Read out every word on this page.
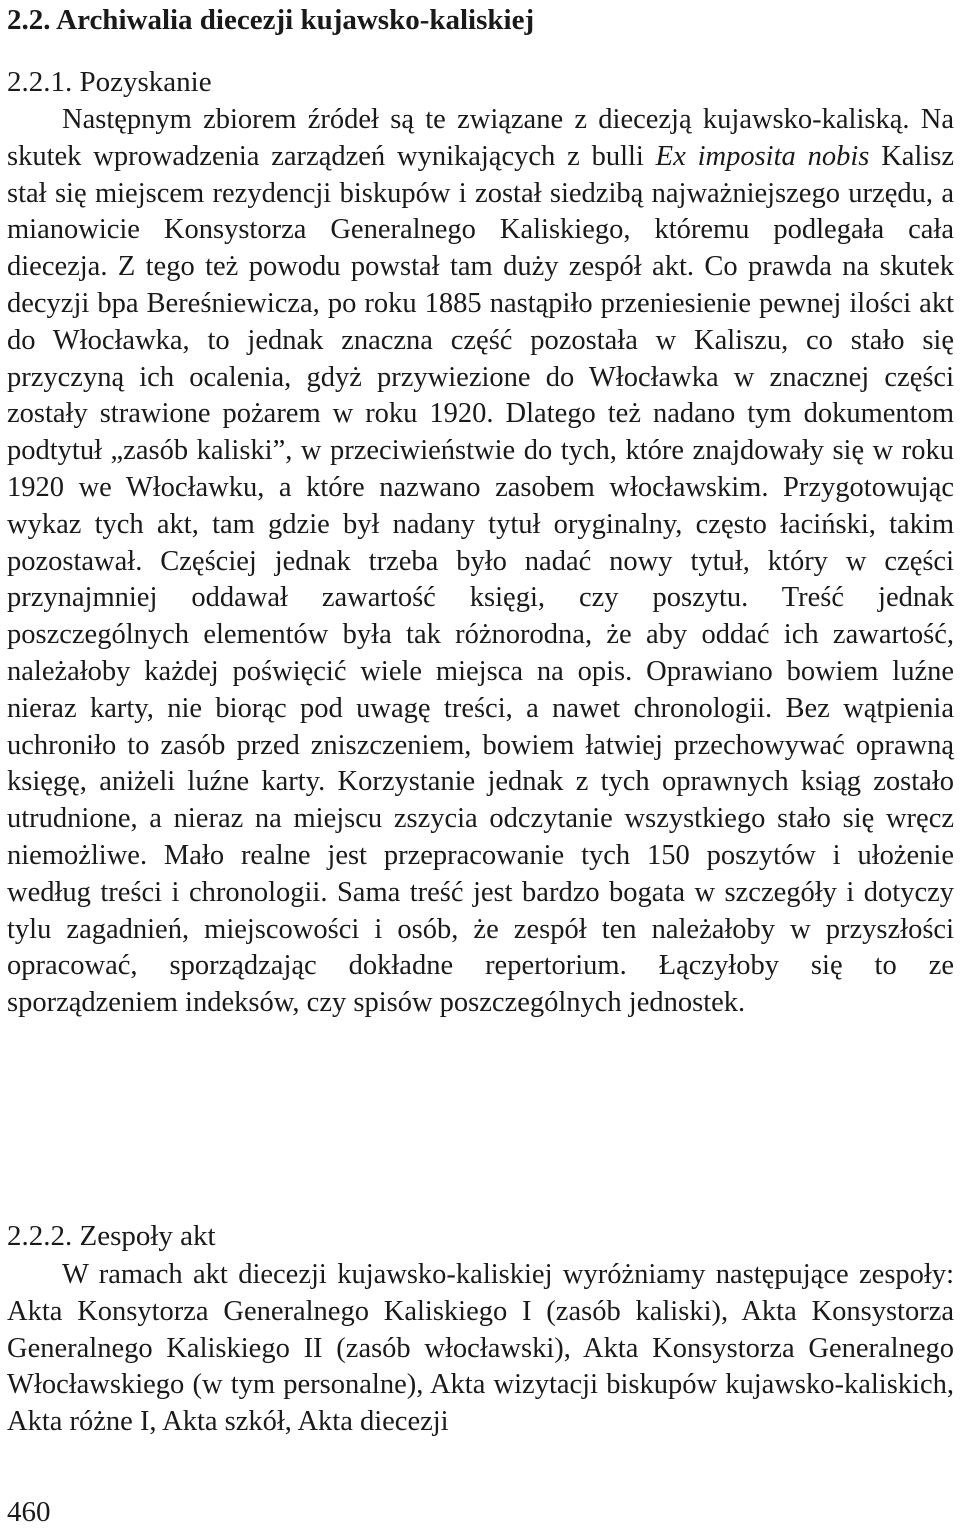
2.2. Archiwalia diecezji kujawsko-kaliskiej
2.2.1. Pozyskanie

Następnym zbiorem źródeł są te związane z diecezją kujawsko-kaliską. Na skutek wprowadzenia zarządzeń wynikających z bulli Ex imposita nobis Kalisz stał się miejscem rezydencji biskupów i został siedzibą najważniejszego urzędu, a mianowicie Konsystorza Generalnego Kaliskiego, któremu podlegała cała diecezja. Z tego też powodu powstał tam duży zespół akt. Co prawda na skutek decyzji bpa Bereśniewicza, po roku 1885 nastąpiło przeniesienie pewnej ilości akt do Włocławka, to jednak znaczna część pozostała w Kaliszu, co stało się przyczyną ich ocalenia, gdyż przywiezione do Włocławka w znacznej części zostały strawione pożarem w roku 1920. Dlatego też nadano tym dokumentom podtytuł „zasób kaliski”, w przeciwieństwie do tych, które znajdowały się w roku 1920 we Włocławku, a które nazwano zasobem włocławskim. Przygotowując wykaz tych akt, tam gdzie był nadany tytuł oryginalny, często łaciński, takim pozostawał. Częściej jednak trzeba było nadać nowy tytuł, który w części przynajmniej oddawał zawartość księgi, czy poszytu. Treść jednak poszczególnych elementów była tak różnorodna, że aby oddać ich zawartość, należałoby każdej poświęcić wiele miejsca na opis. Oprawiano bowiem luźne nieraz karty, nie biorąc pod uwagę treści, a nawet chronologii. Bez wątpienia uchroniło to zasób przed zniszczeniem, bowiem łatwiej przechowywać oprawną księgę, aniżeli luźne karty. Korzystanie jednak z tych oprawnych ksiąg zostało utrudnione, a nieraz na miejscu zszycia odczytanie wszystkiego stało się wręcz niemożliwe. Mało realne jest przepracowanie tych 150 poszytów i ułożenie według treści i chronologii. Sama treść jest bardzo bogata w szczegóły i dotyczy tylu zagadnień, miejscowości i osób, że zespół ten należałoby w przyszłości opracować, sporządzając dokładne repertorium. Łączyłoby się to ze sporządzeniem indeksów, czy spisów poszczególnych jednostek.

2.2.2. Zespoły akt

W ramach akt diecezji kujawsko-kaliskiej wyróżniamy następujące zespoły: Akta Konsytorza Generalnego Kaliskiego I (zasób kaliski), Akta Konsystorza Generalnego Kaliskiego II (zasób włocławski), Akta Konsystorza Generalnego Włocławskiego (w tym personalne), Akta wizytacji biskupów kujawsko-kaliskich, Akta różne I, Akta szkół, Akta diecezji

460
